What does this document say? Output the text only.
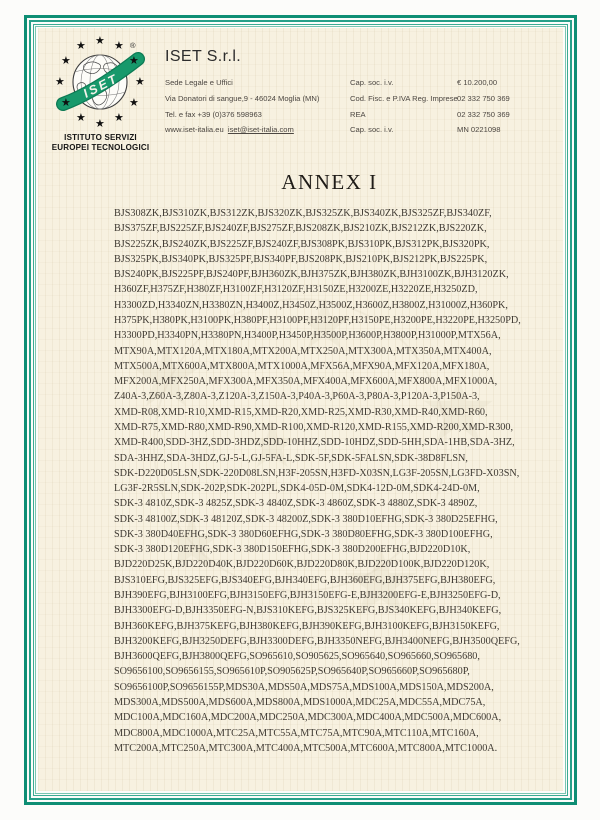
★
★
★
★ ★
★
ISET
®
★ ★
★
★
★
★
★
★
★
★
★
★
ISTITUTO SERVIZI
EUROPEI TECNOLOGICI
ISET S.r.l.
Sede Legale e Uffici	Cap. soc. i.v.	€ 10.200,00
Via Donatori di sangue,9 - 46024 Moglia (MN)	Cod. Fisc. e P.IVA Reg. Imprese 02 332 750 369
Tel. e fax +39 (0)376 598963	REA	02 332 750 369
www.iset-italia.eu iset@iset-italia.com	Cap. soc. i.v.	MN 0221098
ANNEX I
BJS308ZK,BJS310ZK,BJS312ZK,BJS320ZK,BJS325ZK,BJS340ZK,BJS325ZF,BJS340ZF,
BJS375ZF,BJS225ZF,BJS240ZF,BJS275ZF,BJS208ZK,BJS210ZK,BJS212ZK,BJS220ZK,
BJS225ZK,BJS240ZK,BJS225ZF,BJS240ZF,BJS308PK,BJS310PK,BJS312PK,BJS320PK,
BJS325PK,BJS340PK,BJS325PF,BJS340PF,BJS208PK,BJS210PK,BJS212PK,BJS225PK,
BJS240PK,BJS225PF,BJS240PF,BJH360ZK,BJH375ZK,BJH380ZK,BJH3100ZK,BJH3120ZK,
H360ZF,H375ZF,H380ZF,H3100ZF,H3120ZF,H3150ZE,H3200ZE,H3220ZE,H3250ZD,
H3300ZD,H3340ZN,H3380ZN,H3400Z,H3450Z,H3500Z,H3600Z,H3800Z,H31000Z,H360PK,
H375PK,H380PK,H3100PK,H380PF,H3100PF,H3120PF,H3150PE,H3200PE,H3220PE,H3250PD,
H3300PD,H3340PN,H3380PN,H3400P,H3450P,H3500P,H3600P,H3800P,H31000P,MTX56A,
MTX90A,MTX120A,MTX180A,MTX200A,MTX250A,MTX300A,MTX350A,MTX400A,
MTX500A,MTX600A,MTX800A,MTX1000A,MFX56A,MFX90A,MFX120A,MFX180A,
MFX200A,MFX250A,MFX300A,MFX350A,MFX400A,MFX600A,MFX800A,MFX1000A,
Z40A-3,Z60A-3,Z80A-3,Z120A-3,Z150A-3,P40A-3,P60A-3,P80A-3,P120A-3,P150A-3,
XMD-R08,XMD-R10,XMD-R15,XMD-R20,XMD-R25,XMD-R30,XMD-R40,XMD-R60,
XMD-R75,XMD-R80,XMD-R90,XMD-R100,XMD-R120,XMD-R155,XMD-R200,XMD-R300,
XMD-R400,SDD-3HZ,SDD-3HDZ,SDD-10HHZ,SDD-10HDZ,SDD-5HH,SDA-1HB,SDA-3HZ,
SDA-3HHZ,SDA-3HDZ,GJ-5-L,GJ-5FA-L,SDK-5F,SDK-5FALSN,SDK-38D8FLSN,
SDK-D220D05LSN,SDK-220D08LSN,H3F-205SN,H3FD-X03SN,LG3F-205SN,LG3FD-X03SN,
LG3F-2R5SLN,SDK-202P,SDK-202PL,SDK4-05D-0M,SDK4-12D-0M,SDK4-24D-0M,
SDK-3 4810Z,SDK-3 4825Z,SDK-3 4840Z,SDK-3 4860Z,SDK-3 4880Z,SDK-3 4890Z,
SDK-3 48100Z,SDK-3 48120Z,SDK-3 48200Z,SDK-3 380D10EFHG,SDK-3 380D25EFHG,
SDK-3 380D40EFHG,SDK-3 380D60EFHG,SDK-3 380D80EFHG,SDK-3 380D100EFHG,
SDK-3 380D120EFHG,SDK-3 380D150EFHG,SDK-3 380D200EFHG,BJD220D10K,
BJD220D25K,BJD220D40K,BJD220D60K,BJD220D80K,BJD220D100K,BJD220D120K,
BJS310EFG,BJS325EFG,BJS340EFG,BJH340EFG,BJH360EFG,BJH375EFG,BJH380EFG,
BJH390EFG,BJH3100EFG,BJH3150EFG,BJH3150EFG-E,BJH3200EFG-E,BJH3250EFG-D,
BJH3300EFG-D,BJH3350EFG-N,BJS310KEFG,BJS325KEFG,BJS340KEFG,BJH340KEFG,
BJH360KEFG,BJH375KEFG,BJH380KEFG,BJH390KEFG,BJH3100KEFG,BJH3150KEFG,
BJH3200KEFG,BJH3250DEFG,BJH3300DEFG,BJH3350NEFG,BJH3400NEFG,BJH3500QEFG,
BJH3600QEFG,BJH3800QEFG,SO965610,SO905625,SO965640,SO965660,SO965680,
SO9656100,SO9656155,SO965610P,SO905625P,SO965640P,SO965660P,SO965680P,
SO9656100P,SO9656155P,MDS30A,MDS50A,MDS75A,MDS100A,MDS150A,MDS200A,
MDS300A,MDS500A,MDS600A,MDS800A,MDS1000A,MDC25A,MDC55A,MDC75A,
MDC100A,MDC160A,MDC200A,MDC250A,MDC300A,MDC400A,MDC500A,MDC600A,
MDC800A,MDC1000A,MTC25A,MTC55A,MTC75A,MTC90A,MTC110A,MTC160A,
MTC200A,MTC250A,MTC300A,MTC400A,MTC500A,MTC600A,MTC800A,MTC1000A.
